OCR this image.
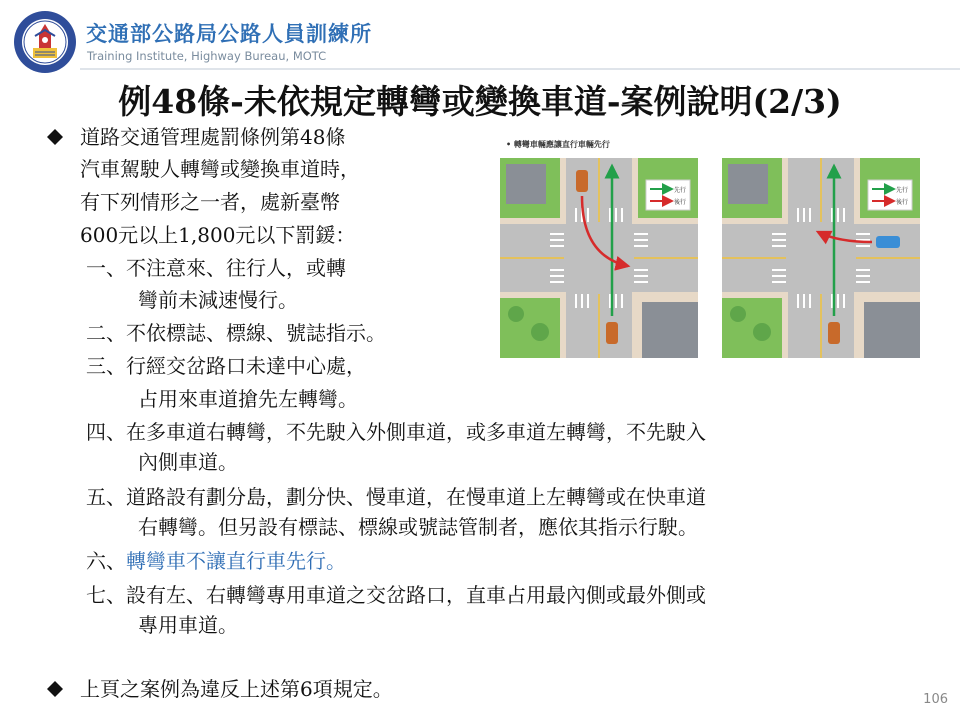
交通部公路局公路人員訓練所
Training Institute, Highway Bureau, MOTC
例48條-未依規定轉彎或變換車道-案例說明(2/3)
道路交通管理處罰條例第48條
汽車駕駛人轉彎或變換車道時，
有下列情形之一者，處新臺幣
600元以上1,800元以下罰鍰：
一、不注意來、往行人，或轉
彎前未減速慢行。
二、不依標誌、標線、號誌指示。
三、行經交岔路口未達中心處，
占用來車道搶先左轉彎。
四、在多車道右轉彎，不先駛入外側車道，或多車道左轉彎，不先駛入
內側車道。
五、道路設有劃分島，劃分快、慢車道，在慢車道上左轉彎或在快車道
右轉彎。但另設有標誌、標線或號誌管制者，應依其指示行駛。
六、轉彎車不讓直行車先行。
七、設有左、右轉彎專用車道之交岔路口，直車占用最內側或最外側或
專用車道。
上頁之案例為違反上述第6項規定。
• 轉彎車輛應讓直行車輛先行
先行
後行
先行
後行
106
